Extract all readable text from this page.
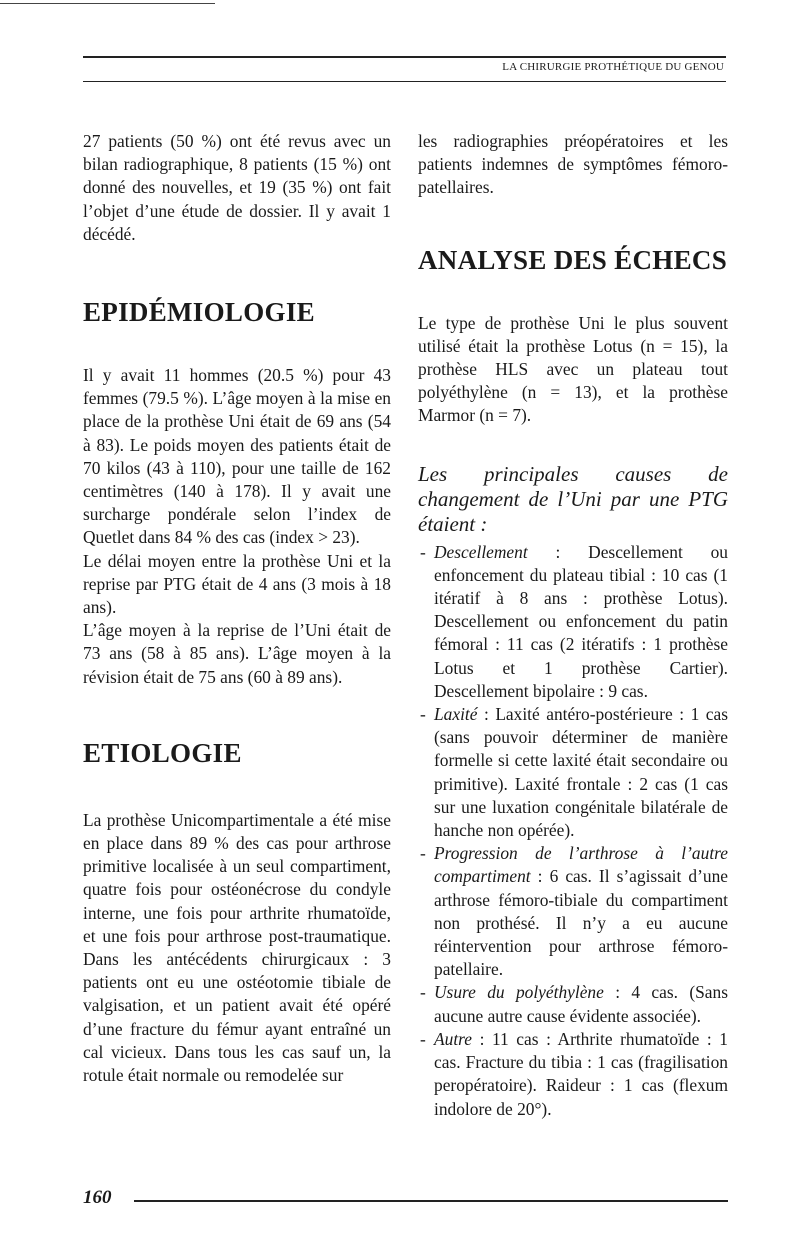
LA CHIRURGIE PROTHÉTIQUE DU GENOU

27 patients (50 %) ont été revus avec un bilan radiographique, 8 patients (15 %) ont donné des nouvelles, et 19 (35 %) ont fait l’objet d’une étude de dossier. Il y avait 1 décédé.

EPIDÉMIOLOGIE

Il y avait 11 hommes (20.5 %) pour 43 femmes (79.5 %). L’âge moyen à la mise en place de la prothèse Uni était de 69 ans (54 à 83). Le poids moyen des patients était de 70 kilos (43 à 110), pour une taille de 162 centimètres (140 à 178). Il y avait une surcharge pondérale selon l’index de Quetlet dans 84 % des cas (index > 23).

Le délai moyen entre la prothèse Uni et la reprise par PTG était de 4 ans (3 mois à 18 ans).

L’âge moyen à la reprise de l’Uni était de 73 ans (58 à 85 ans). L’âge moyen à la révision était de 75 ans (60 à 89 ans).

ETIOLOGIE

La prothèse Unicompartimentale a été mise en place dans 89 % des cas pour arthrose primitive localisée à un seul compartiment, quatre fois pour ostéonécrose du condyle interne, une fois pour arthrite rhumatoïde, et une fois pour arthrose post-traumatique. Dans les antécédents chirurgicaux : 3 patients ont eu une ostéotomie tibiale de valgisation, et un patient avait été opéré d’une fracture du fémur ayant entraîné un cal vicieux. Dans tous les cas sauf un, la rotule était normale ou remodelée sur

les radiographies préopératoires et les patients indemnes de symptômes fémoro-patellaires.

ANALYSE DES ÉCHECS

Le type de prothèse Uni le plus souvent utilisé était la prothèse Lotus (n = 15), la prothèse HLS avec un plateau tout polyéthylène (n = 13), et la prothèse Marmor (n = 7).

Les principales causes de changement de l’Uni par une PTG étaient :

- Descellement : Descellement ou enfoncement du plateau tibial : 10 cas (1 itératif à 8 ans : prothèse Lotus). Descellement ou enfoncement du patin fémoral : 11 cas (2 itératifs : 1 prothèse Lotus et 1 prothèse Cartier). Descellement bipolaire : 9 cas.
- Laxité : Laxité antéro-postérieure : 1 cas (sans pouvoir déterminer de manière formelle si cette laxité était secondaire ou primitive). Laxité frontale : 2 cas (1 cas sur une luxation congénitale bilatérale de hanche non opérée).
- Progression de l’arthrose à l’autre compartiment : 6 cas. Il s’agissait d’une arthrose fémoro-tibiale du compartiment non prothésé. Il n’y a eu aucune réintervention pour arthrose fémoro-patellaire.
- Usure du polyéthylène : 4 cas. (Sans aucune autre cause évidente associée).
- Autre : 11 cas : Arthrite rhumatoïde : 1 cas. Fracture du tibia : 1 cas (fragilisation peropératoire). Raideur : 1 cas (flexum indolore de 20°).
160
